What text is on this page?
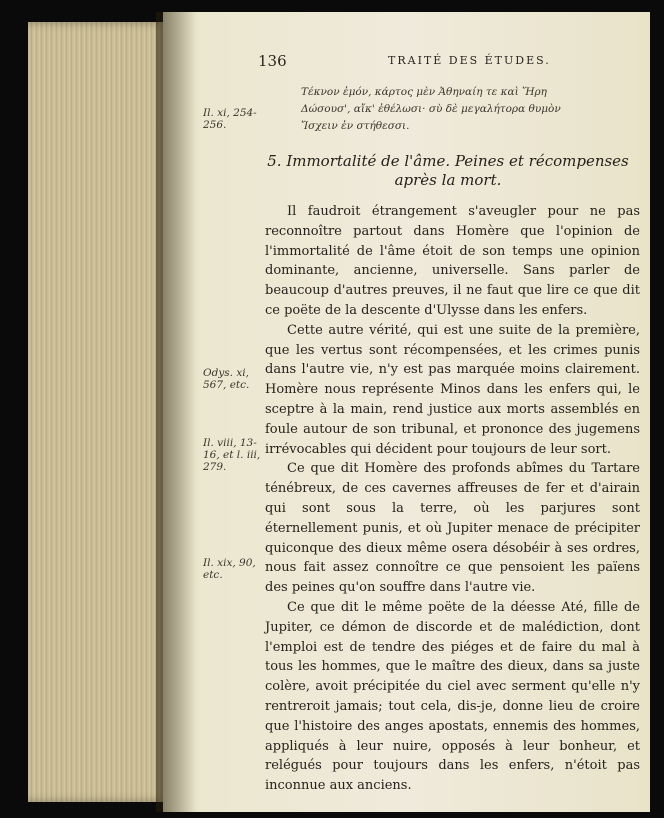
136	TRAITÉ DES ÉTUDES.
Il. xi, 254-256.
Odys. xi, 567, etc.
Il. viii, 13-16, et l. iii, 279.
Il. xix, 90, etc.
Τέκνον ἐμόν, κάρτος μὲν Ἀθηναίη τε καὶ Ἥρη
Δώσουσ', αἴκ' ἐθέλωσι· σὺ δὲ μεγαλήτορα θυμὸν
Ἴσχειν ἐν στήθεσσι.
5. Immortalité de l'âme. Peines et récompenses après la mort.

Il faudroit étrangement s'aveugler pour ne pas reconnoître partout dans Homère que l'opinion de l'immortalité de l'âme étoit de son temps une opinion dominante, ancienne, universelle. Sans parler de beaucoup d'autres preuves, il ne faut que lire ce que dit ce poëte de la descente d'Ulysse dans les enfers.

Cette autre vérité, qui est une suite de la première, que les vertus sont récompensées, et les crimes punis dans l'autre vie, n'y est pas marquée moins clairement. Homère nous représente Minos dans les enfers qui, le sceptre à la main, rend justice aux morts assemblés en foule autour de son tribunal, et prononce des jugemens irrévocables qui décident pour toujours de leur sort.

Ce que dit Homère des profonds abîmes du Tartare ténébreux, de ces cavernes affreuses de fer et d'airain qui sont sous la terre, où les parjures sont éternellement punis, et où Jupiter menace de précipiter quiconque des dieux même osera désobéir à ses ordres, nous fait assez connoître ce que pensoient les païens des peines qu'on souffre dans l'autre vie.

Ce que dit le même poëte de la déesse Até, fille de Jupiter, ce démon de discorde et de malédiction, dont l'emploi est de tendre des piéges et de faire du mal à tous les hommes, que le maître des dieux, dans sa juste colère, avoit précipitée du ciel avec serment qu'elle n'y rentreroit jamais; tout cela, dis-je, donne lieu de croire que l'histoire des anges apostats, ennemis des hommes, appliqués à leur nuire, opposés à leur bonheur, et relégués pour toujours dans les enfers, n'étoit pas inconnue aux anciens.
